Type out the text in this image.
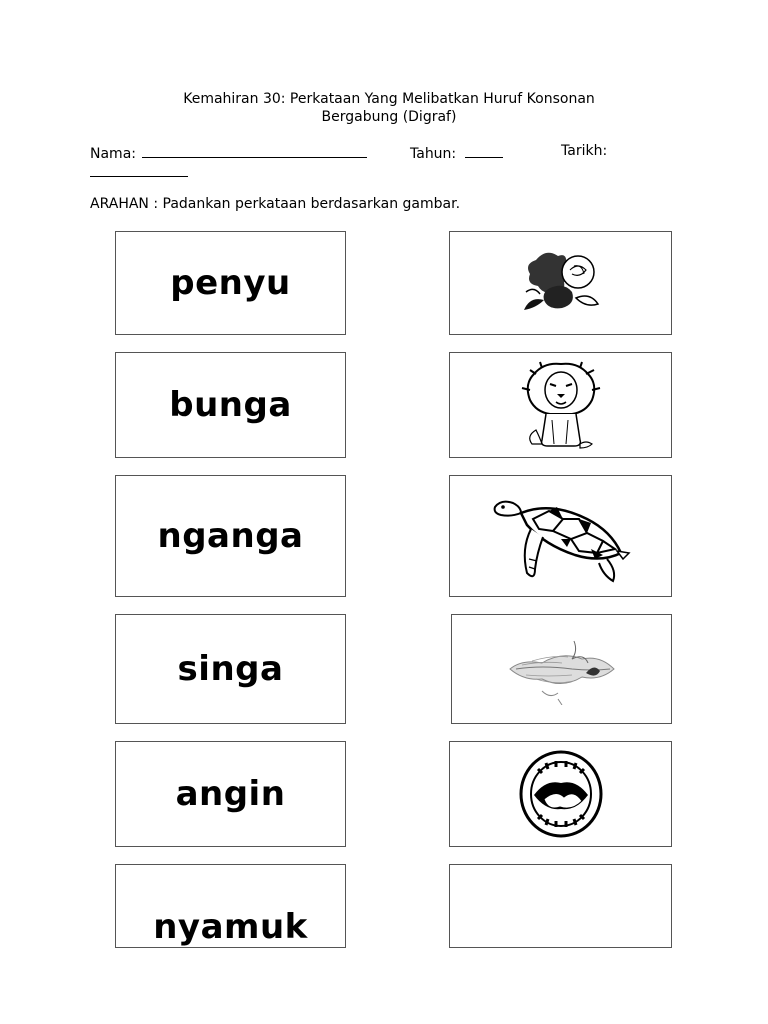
Kemahiran 30: Perkataan Yang Melibatkan Huruf Konsonan
Bergabung (Digraf)
Nama:	Tahun:	Tarikh:
ARAHAN : Padankan perkataan berdasarkan gambar.
penyu
bunga
nganga
singa
angin
nyamuk
